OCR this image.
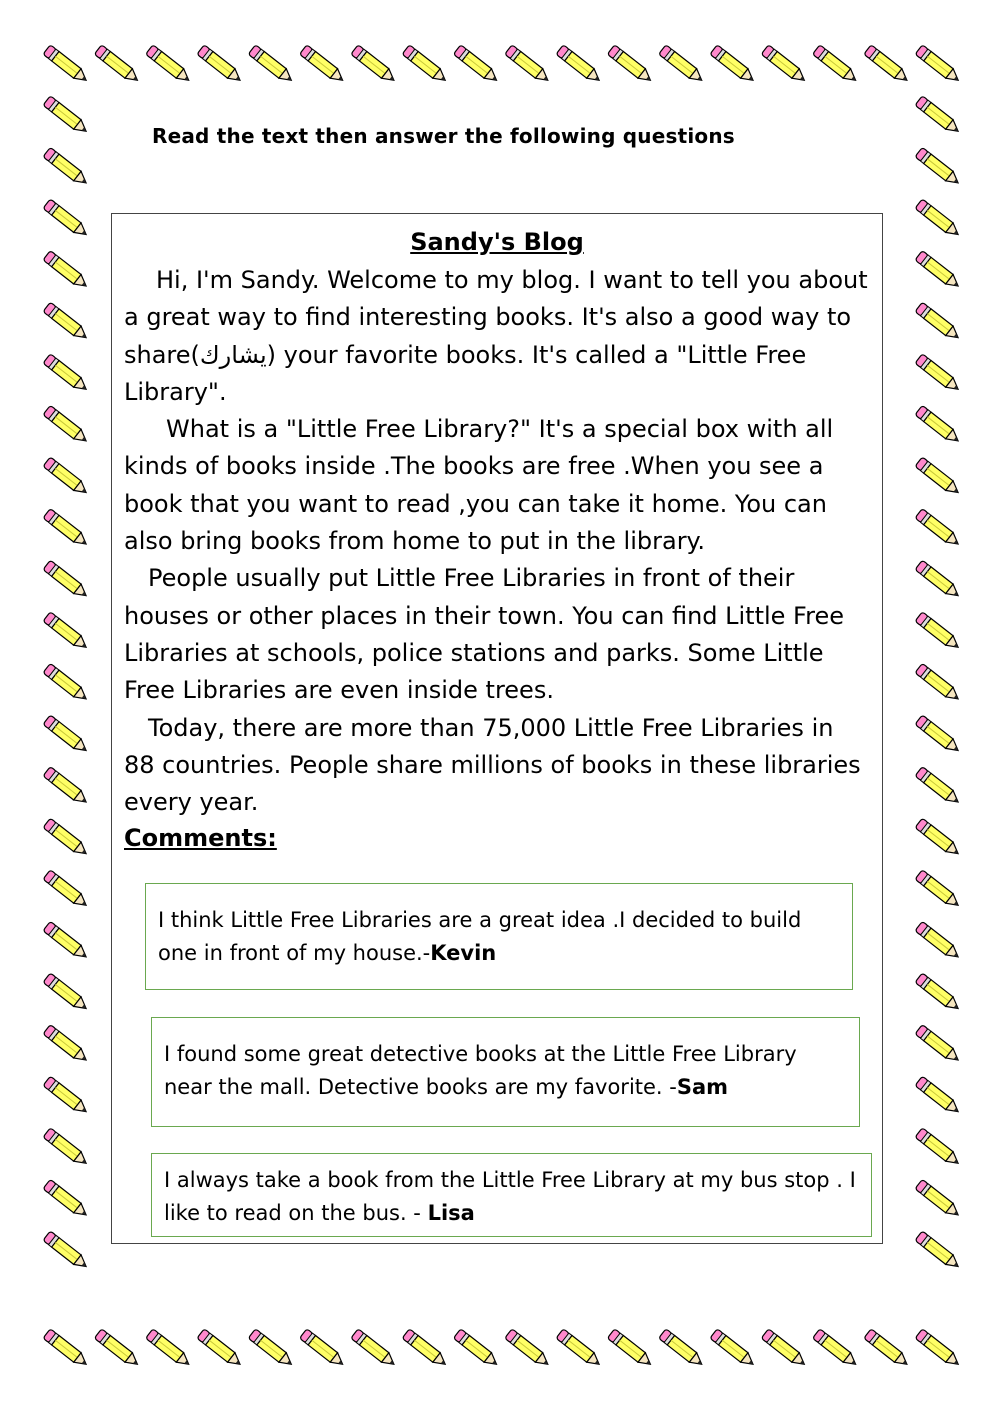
Read the text then answer the following questions
Sandy's Blog

Hi, I'm Sandy. Welcome to my blog. I want to tell you about a great way to find interesting books. It's also a good way to share(يشارك) your favorite books. It's called a "Little Free Library".

What is a "Little Free Library?" It's a special box with all kinds of books inside .The books are free .When you see a book that you want to read ,you can take it home. You can also bring books from home to put in the library.

People usually put Little Free Libraries in front of their houses or other places in their town. You can find Little Free Libraries at schools, police stations and parks. Some Little Free Libraries are even inside trees.

Today, there are more than 75,000 Little Free Libraries in 88 countries. People share millions of books in these libraries every year.

Comments:
I think Little Free Libraries are a great idea .I decided to build one in front of my house.-Kevin
I found some great detective books at the Little Free Library near the mall. Detective books are my favorite. -Sam
I always take a book from the Little Free Library at my bus stop . I like to read on the bus. - Lisa
